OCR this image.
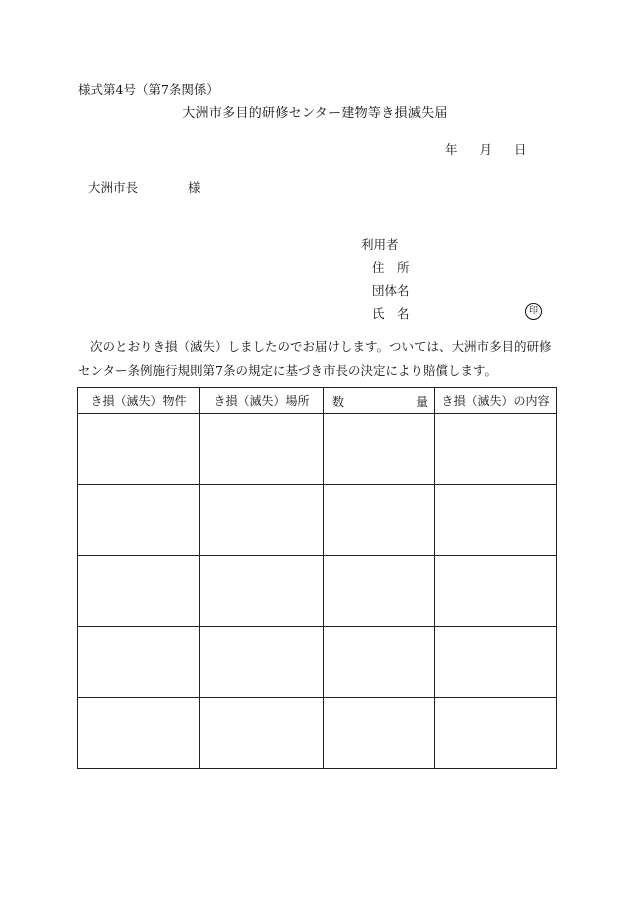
様式第4号（第7条関係）
大洲市多目的研修センター建物等き損滅失届
年 月 日
大洲市長	様
利用者
住　所
団体名
氏　名	印
次のとおりき損（滅失）しましたのでお届けします。ついては、大洲市多目的研修センター条例施行規則第7条の規定に基づき市長の決定により賠償します。
き損（滅失）物件	き損（滅失）場所	数 量	き損（滅失）の内容
